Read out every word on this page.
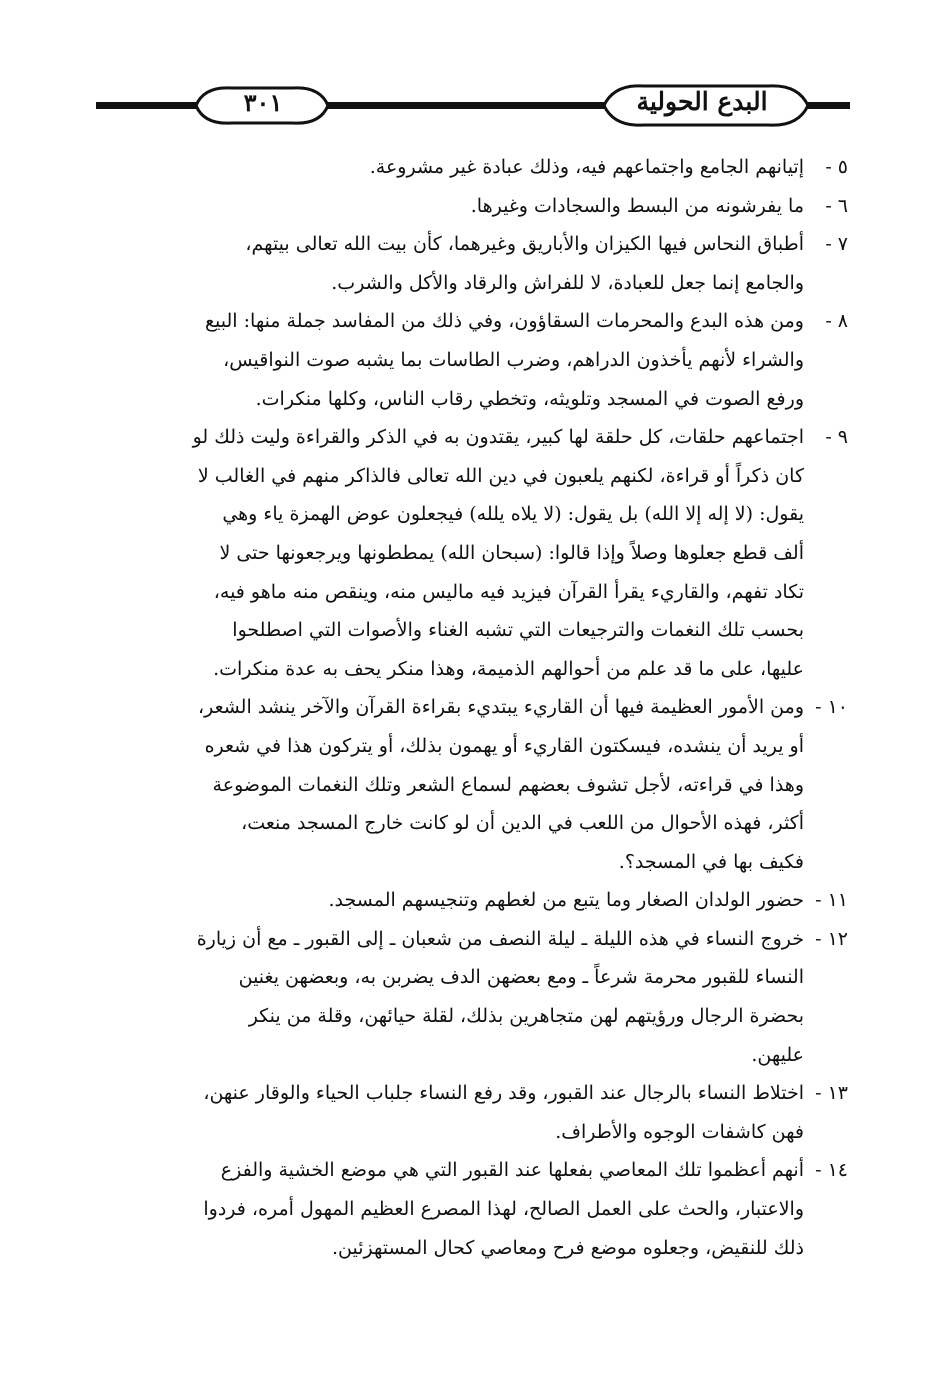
٣٠١	البدع الحولية
٥ -
إتيانهم الجامع واجتماعهم فيه، وذلك عبادة غير مشروعة.
٦ -
ما يفرشونه من البسط والسجادات وغيرها.
٧ -
أطباق النحاس فيها الكيزان والأباريق وغيرهما، كأن بيت الله تعالى بيتهم،
والجامع إنما جعل للعبادة، لا للفراش والرقاد والأكل والشرب.
٨ -
ومن هذه البدع والمحرمات السقاؤون، وفي ذلك من المفاسد جملة منها: البيع
والشراء لأنهم يأخذون الدراهم، وضرب الطاسات بما يشبه صوت النواقيس،
ورفع الصوت في المسجد وتلويثه، وتخطي رقاب الناس، وكلها منكرات.
٩ -
اجتماعهم حلقات، كل حلقة لها كبير، يقتدون به في الذكر والقراءة وليت ذلك لو
كان ذكراً أو قراءة، لكنهم يلعبون في دين الله تعالى فالذاكر منهم في الغالب لا
يقول: (لا إله إلا الله) بل يقول: (لا يلاه يلله) فيجعلون عوض الهمزة ياء وهي
ألف قطع جعلوها وصلاً وإذا قالوا: (سبحان الله) يمططونها ويرجعونها حتى لا
تكاد تفهم، والقاريء يقرأ القرآن فيزيد فيه ماليس منه، وينقص منه ماهو فيه،
بحسب تلك النغمات والترجيعات التي تشبه الغناء والأصوات التي اصطلحوا
عليها، على ما قد علم من أحوالهم الذميمة، وهذا منكر يحف به عدة منكرات.
١٠ -
ومن الأمور العظيمة فيها أن القاريء يبتديء بقراءة القرآن والآخر ينشد الشعر،
أو يريد أن ينشده، فيسكتون القاريء أو يهمون بذلك، أو يتركون هذا في شعره
وهذا في قراءته، لأجل تشوف بعضهم لسماع الشعر وتلك النغمات الموضوعة
أكثر، فهذه الأحوال من اللعب في الدين أن لو كانت خارج المسجد منعت،
فكيف بها في المسجد؟.
١١ -
حضور الولدان الصغار وما يتبع من لغطهم وتنجيسهم المسجد.
١٢ -
خروج النساء في هذه الليلة ـ ليلة النصف من شعبان ـ إلى القبور ـ مع أن زيارة
النساء للقبور محرمة شرعاً ـ ومع بعضهن الدف يضربن به، وبعضهن يغنين
بحضرة الرجال ورؤيتهم لهن متجاهرين بذلك، لقلة حيائهن، وقلة من ينكر
عليهن.
١٣ -
اختلاط النساء بالرجال عند القبور، وقد رفع النساء جلباب الحياء والوقار عنهن،
فهن كاشفات الوجوه والأطراف.
١٤ -
أنهم أعظموا تلك المعاصي بفعلها عند القبور التي هي موضع الخشية والفزع
والاعتبار، والحث على العمل الصالح، لهذا المصرع العظيم المهول أمره، فردوا
ذلك للنقيض، وجعلوه موضع فرح ومعاصي كحال المستهزئين.
